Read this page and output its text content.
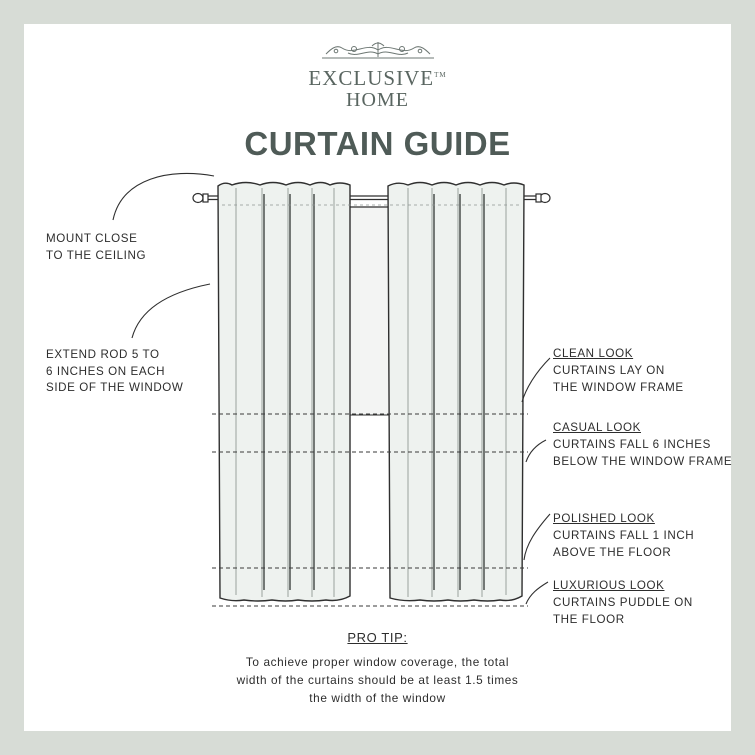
EXCLUSIVE™
HOME
CURTAIN GUIDE
MOUNT CLOSE
TO THE CEILING
EXTEND ROD 5 TO
6 INCHES ON EACH
SIDE OF THE WINDOW
CLEAN LOOK
CURTAINS LAY ON
THE WINDOW FRAME
CASUAL LOOK
CURTAINS FALL 6 INCHES
BELOW THE WINDOW FRAME
POLISHED LOOK
CURTAINS FALL 1 INCH
ABOVE THE FLOOR
LUXURIOUS LOOK
CURTAINS PUDDLE ON
THE FLOOR
PRO TIP:
To achieve proper window coverage, the total
width of the curtains should be at least 1.5 times
the width of the window
